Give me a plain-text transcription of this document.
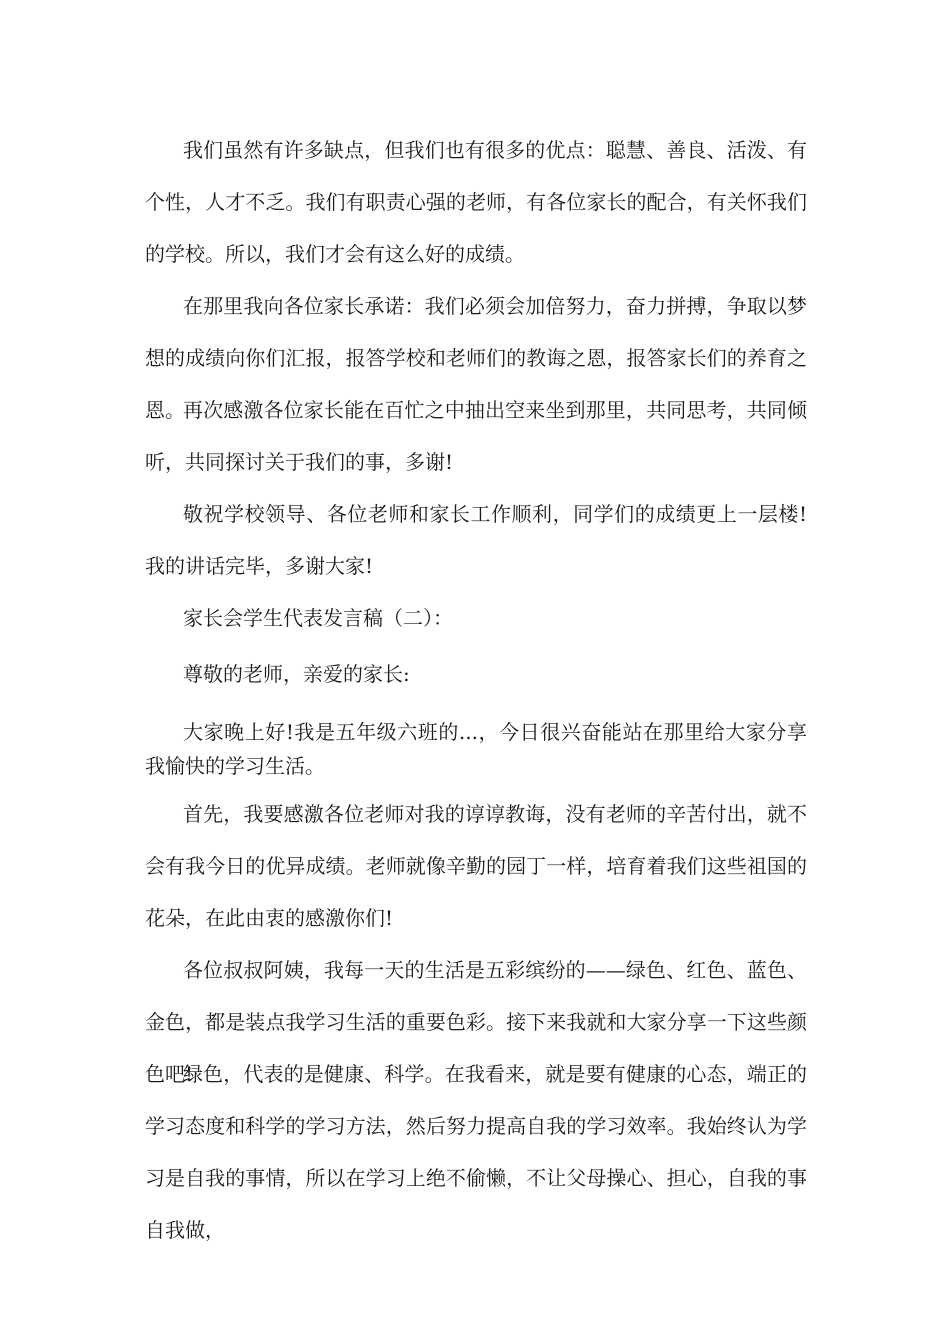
我们虽然有许多缺点，但我们也有很多的优点：聪慧、善良、活泼、有个性，人才不乏。我们有职责心强的老师，有各位家长的配合，有关怀我们的学校。所以，我们才会有这么好的成绩。

在那里我向各位家长承诺：我们必须会加倍努力，奋力拼搏，争取以梦想的成绩向你们汇报，报答学校和老师们的教诲之恩，报答家长们的养育之恩。

再次感激各位家长能在百忙之中抽出空来坐到那里，共同思考，共同倾听，共同探讨关于我们的事，多谢!

敬祝学校领导、各位老师和家长工作顺利，同学们的成绩更上一层楼!我的讲话完毕，多谢大家!

家长会学生代表发言稿（二）：

尊敬的老师，亲爱的家长:

大家晚上好!我是五年级六班的...，今日很兴奋能站在那里给大家分享我愉快的学习生活。

首先，我要感激各位老师对我的谆谆教诲，没有老师的辛苦付出，就不会有我今日的优异成绩。老师就像辛勤的园丁一样，培育着我们这些祖国的花朵，在此由衷的感激你们!

各位叔叔阿姨，我每一天的生活是五彩缤纷的——绿色、红色、蓝色、金色，都是装点我学习生活的重要色彩。接下来我就和大家分享一下这些颜色吧!

绿色，代表的是健康、科学。在我看来，就是要有健康的心态，端正的学习态度和科学的学习方法，然后努力提高自我的学习效率。我始终认为学习是自我的事情，所以在学习上绝不偷懒，不让父母操心、担心，自我的事自我做，
